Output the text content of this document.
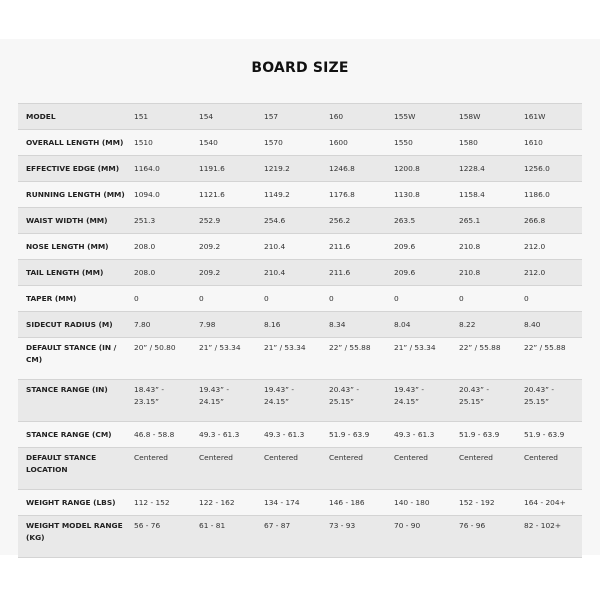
BOARD SIZE
MODEL	151	154	157	160	155W	158W	161W
OVERALL LENGTH (MM)	1510	1540	1570	1600	1550	1580	1610
EFFECTIVE EDGE (MM)	1164.0	1191.6	1219.2	1246.8	1200.8	1228.4	1256.0
RUNNING LENGTH (MM)	1094.0	1121.6	1149.2	1176.8	1130.8	1158.4	1186.0
WAIST WIDTH (MM)	251.3	252.9	254.6	256.2	263.5	265.1	266.8
NOSE LENGTH (MM)	208.0	209.2	210.4	211.6	209.6	210.8	212.0
TAIL LENGTH (MM)	208.0	209.2	210.4	211.6	209.6	210.8	212.0
TAPER (MM)	0	0	0	0	0	0	0
SIDECUT RADIUS (M)	7.80	7.98	8.16	8.34	8.04	8.22	8.40
DEFAULT STANCE (IN / CM)	20” / 50.80	21” / 53.34	21” / 53.34	22” / 55.88	21” / 53.34	22” / 55.88	22” / 55.88
STANCE RANGE (IN)	18.43” - 23.15”	19.43” - 24.15”	19.43” - 24.15”	20.43” - 25.15”	19.43” - 24.15”	20.43” - 25.15”	20.43” - 25.15”
STANCE RANGE (CM)	46.8 - 58.8	49.3 - 61.3	49.3 - 61.3	51.9 - 63.9	49.3 - 61.3	51.9 - 63.9	51.9 - 63.9
DEFAULT STANCE LOCATION	Centered	Centered	Centered	Centered	Centered	Centered	Centered
WEIGHT RANGE (LBS)	112 - 152	122 - 162	134 - 174	146 - 186	140 - 180	152 - 192	164 - 204+
WEIGHT MODEL RANGE (KG)	56 - 76	61 - 81	67 - 87	73 - 93	70 - 90	76 - 96	82 - 102+
